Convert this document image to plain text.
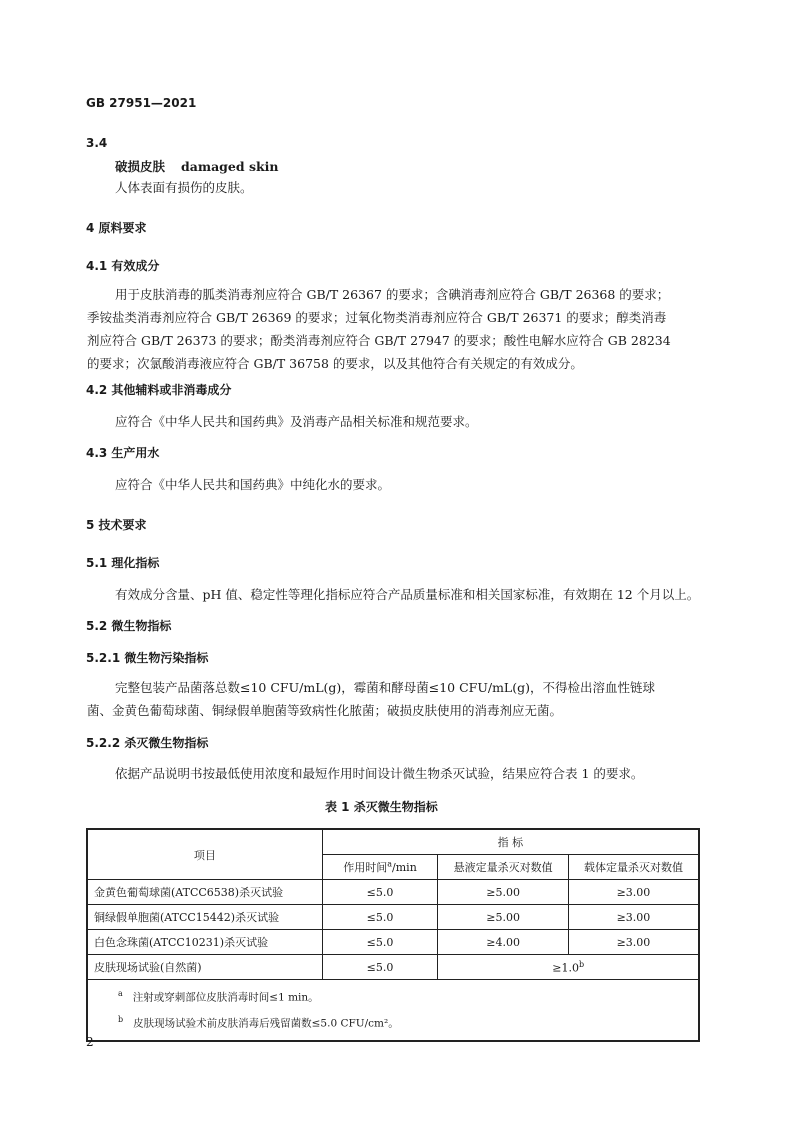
GB 27951—2021
3.4
破损皮肤 damaged skin
人体表面有损伤的皮肤。
4 原料要求
4.1 有效成分
用于皮肤消毒的胍类消毒剂应符合 GB/T 26367 的要求；含碘消毒剂应符合 GB/T 26368 的要求；
季铵盐类消毒剂应符合 GB/T 26369 的要求；过氧化物类消毒剂应符合 GB/T 26371 的要求；醇类消毒
剂应符合 GB/T 26373 的要求；酚类消毒剂应符合 GB/T 27947 的要求；酸性电解水应符合 GB 28234
的要求；次氯酸消毒液应符合 GB/T 36758 的要求，以及其他符合有关规定的有效成分。
4.2 其他辅料或非消毒成分
应符合《中华人民共和国药典》及消毒产品相关标准和规范要求。
4.3 生产用水
应符合《中华人民共和国药典》中纯化水的要求。
5 技术要求
5.1 理化指标
有效成分含量、pH 值、稳定性等理化指标应符合产品质量标准和相关国家标准，有效期在 12 个月以上。
5.2 微生物指标
5.2.1 微生物污染指标
完整包装产品菌落总数≤10 CFU/mL(g)，霉菌和酵母菌≤10 CFU/mL(g)，不得检出溶血性链球
菌、金黄色葡萄球菌、铜绿假单胞菌等致病性化脓菌；破损皮肤使用的消毒剂应无菌。
5.2.2 杀灭微生物指标
依据产品说明书按最低使用浓度和最短作用时间设计微生物杀灭试验，结果应符合表 1 的要求。
表 1 杀灭微生物指标
项目	指 标		
	作用时间$^a$/min	悬液定量杀灭对数值	载体定量杀灭对数值
金黄色葡萄球菌(ATCC6538)杀灭试验	≤5.0	≥5.00	≥3.00
铜绿假单胞菌(ATCC15442)杀灭试验	≤5.0	≥5.00	≥3.00
白色念珠菌(ATCC10231)杀灭试验	≤5.0	≥4.00	≥3.00
皮肤现场试验(自然菌)	≤5.0	≥1.0$^b$

$^a$ 注射或穿刺部位皮肤消毒时间≤1 min。
$^b$ 皮肤现场试验术前皮肤消毒后残留菌数≤5.0 CFU/cm²。			
2
